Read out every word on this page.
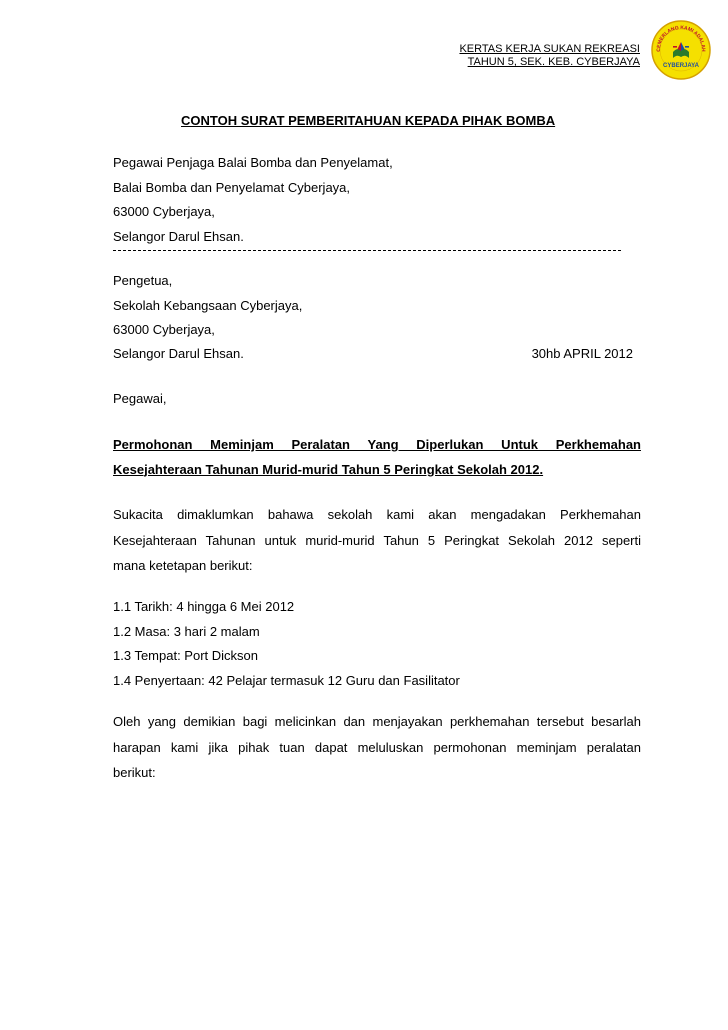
KERTAS KERJA SUKAN REKREASI
TAHUN 5, SEK. KEB. CYBERJAYA
CEMERLANG KAMI ADALAH
CYBERJAYA
CONTOH SURAT PEMBERITAHUAN KEPADA PIHAK BOMBA
Pegawai Penjaga Balai Bomba dan Penyelamat,
Balai Bomba dan Penyelamat Cyberjaya,
63000 Cyberjaya,
Selangor Darul Ehsan.
Pengetua,
Sekolah Kebangsaan Cyberjaya,
63000 Cyberjaya,
Selangor Darul Ehsan.	30hb APRIL 2012
Pegawai,
Permohonan Meminjam Peralatan Yang Diperlukan Untuk Perkhemahan
Kesejahteraan Tahunan Murid-murid Tahun 5 Peringkat Sekolah 2012.
Sukacita dimaklumkan bahawa sekolah kami akan mengadakan Perkhemahan
Kesejahteraan Tahunan untuk murid-murid Tahun 5 Peringkat Sekolah 2012 seperti
mana ketetapan berikut:
1.1 Tarikh: 4 hingga 6 Mei 2012
1.2 Masa: 3 hari 2 malam
1.3 Tempat: Port Dickson
1.4 Penyertaan: 42 Pelajar termasuk 12 Guru dan Fasilitator
Oleh yang demikian bagi melicinkan dan menjayakan perkhemahan tersebut besarlah
harapan kami jika pihak tuan dapat meluluskan permohonan meminjam peralatan
berikut:
